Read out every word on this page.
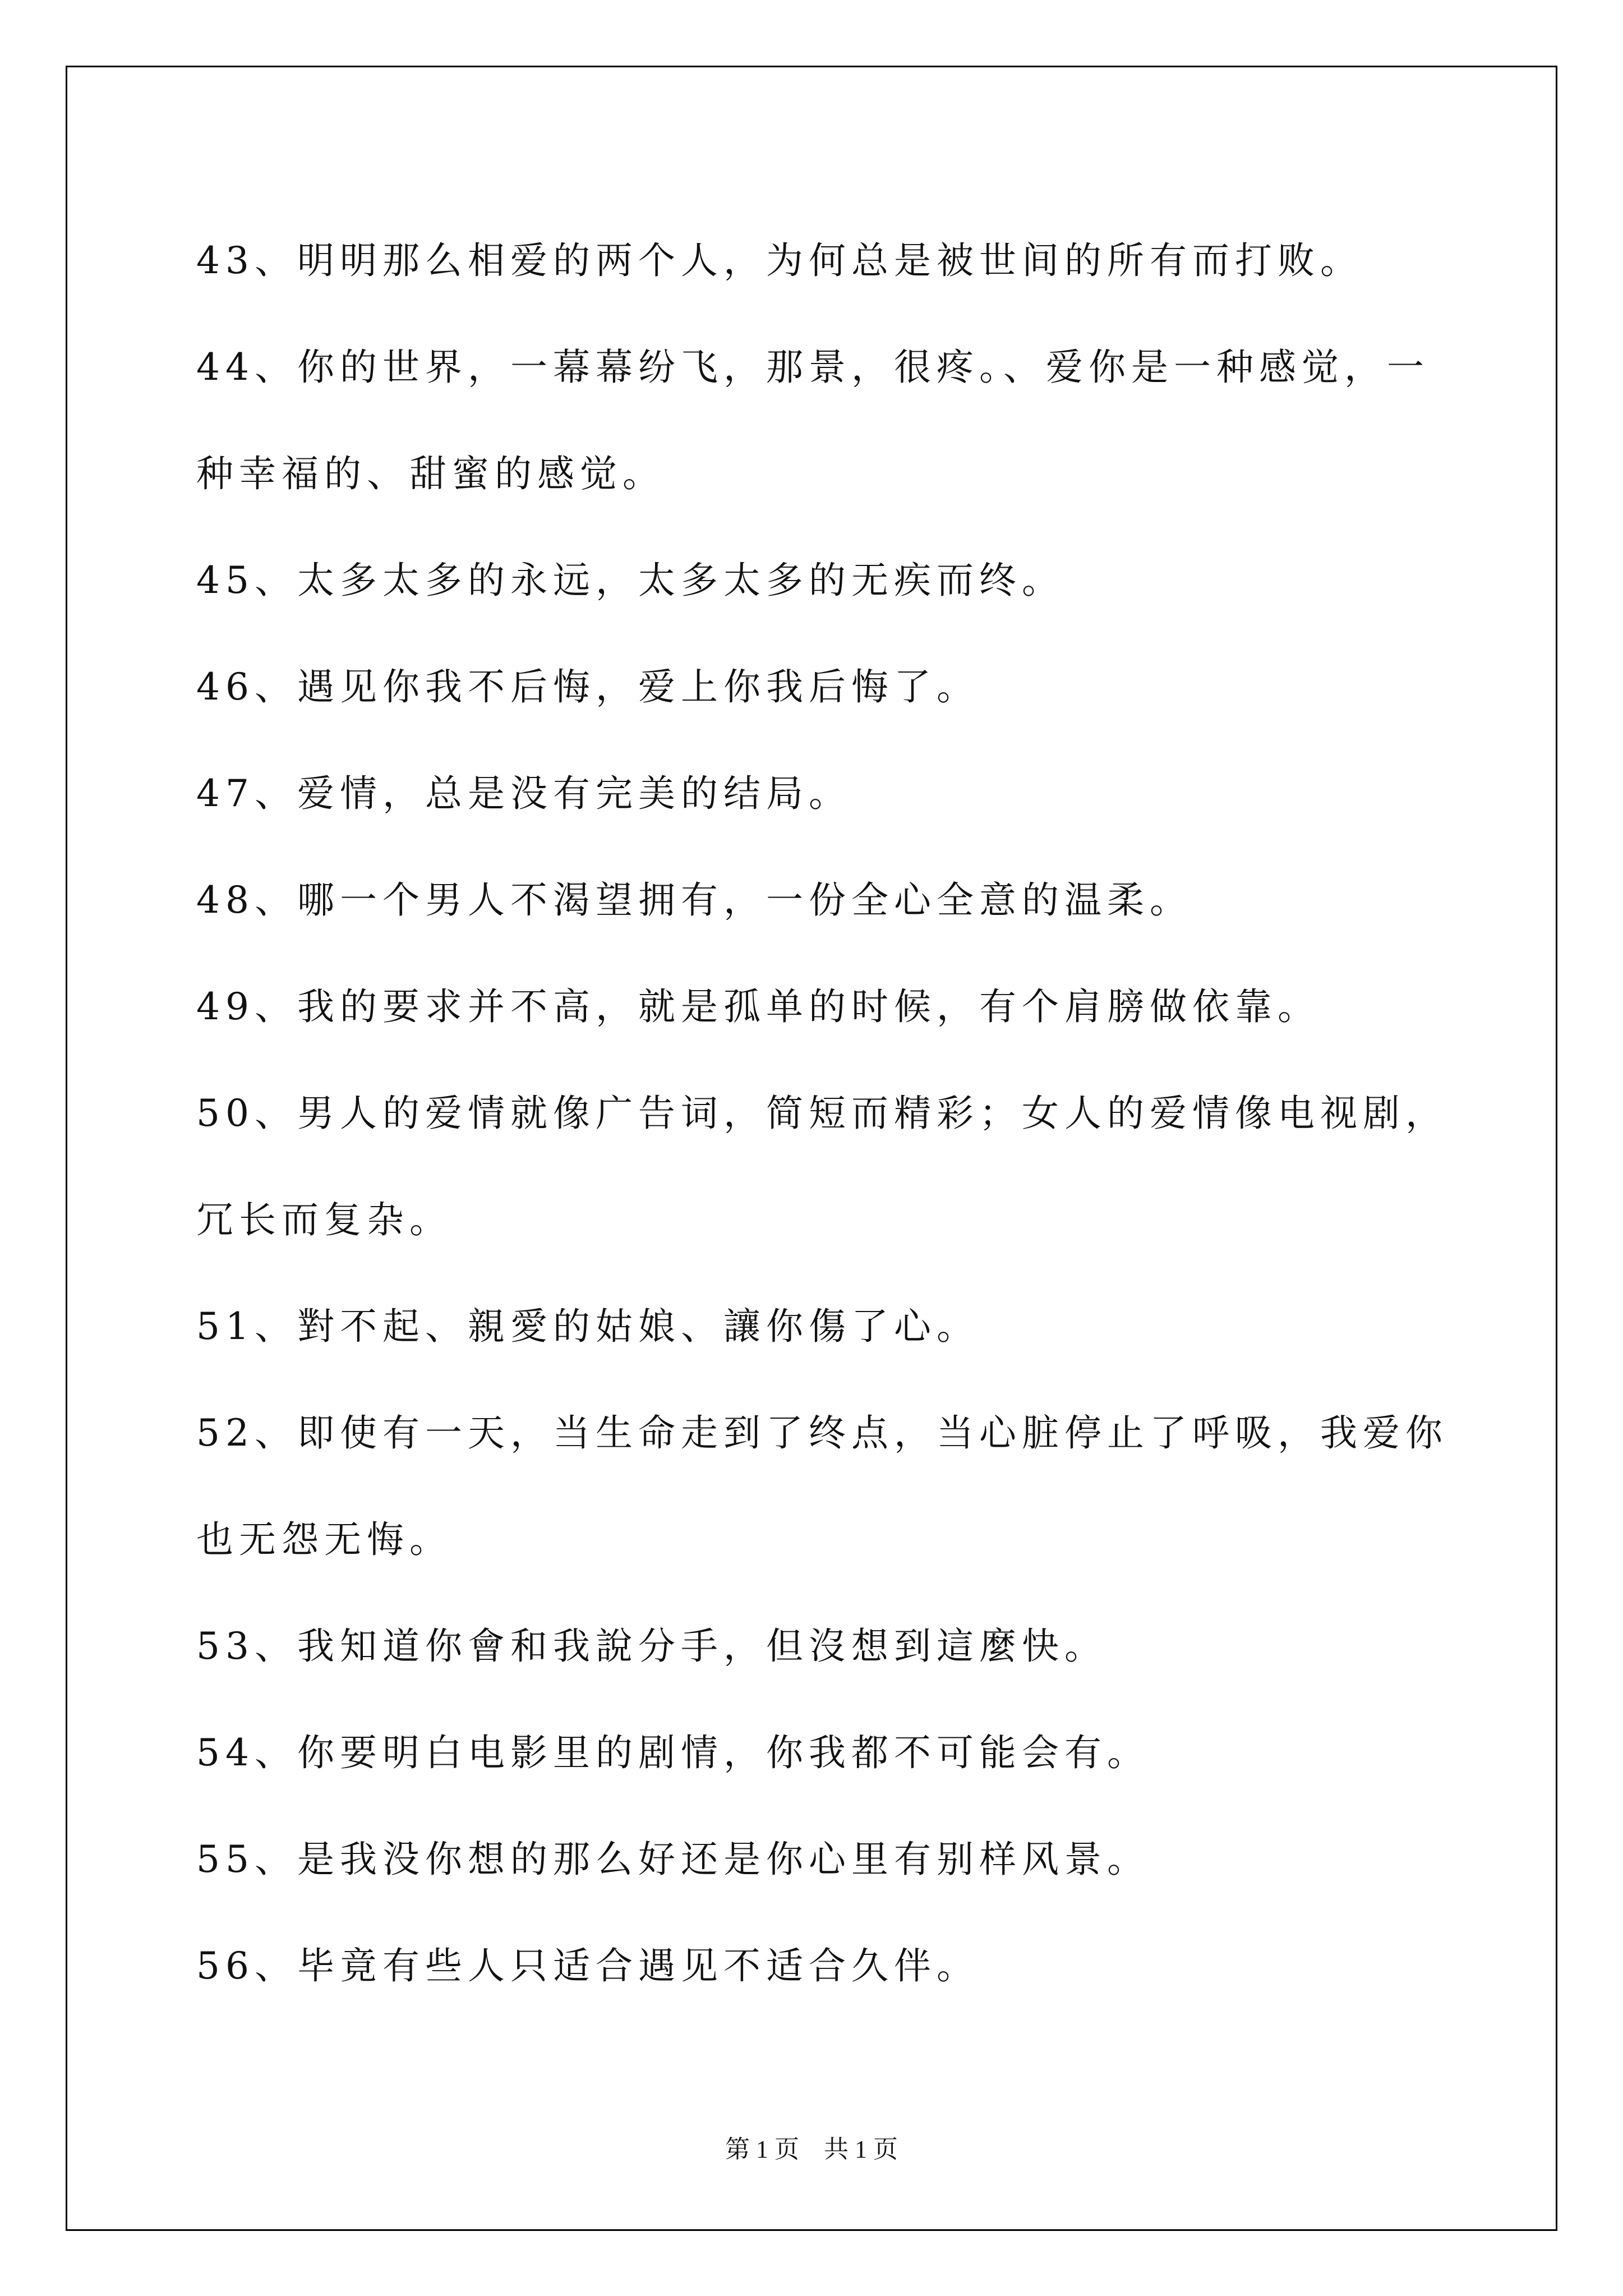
43、明明那么相爱的两个人，为何总是被世间的所有而打败。

44、你的世界，一幕幕纷飞，那景，很疼。、爱你是一种感觉，一种幸福的、甜蜜的感觉。

45、太多太多的永远，太多太多的无疾而终。

46、遇见你我不后悔，爱上你我后悔了。

47、爱情，总是没有完美的结局。

48、哪一个男人不渴望拥有，一份全心全意的温柔。

49、我的要求并不高，就是孤单的时候，有个肩膀做依靠。

50、男人的爱情就像广告词，简短而精彩；女人的爱情像电视剧，冗长而复杂。

51、對不起、親愛的姑娘、讓你傷了心。

52、即使有一天，当生命走到了终点，当心脏停止了呼吸，我爱你也无怨无悔。

53、我知道你會和我說分手，但沒想到這麼快。

54、你要明白电影里的剧情，你我都不可能会有。

55、是我没你想的那么好还是你心里有别样风景。

56、毕竟有些人只适合遇见不适合久伴。

第 1 页　共 1 页
